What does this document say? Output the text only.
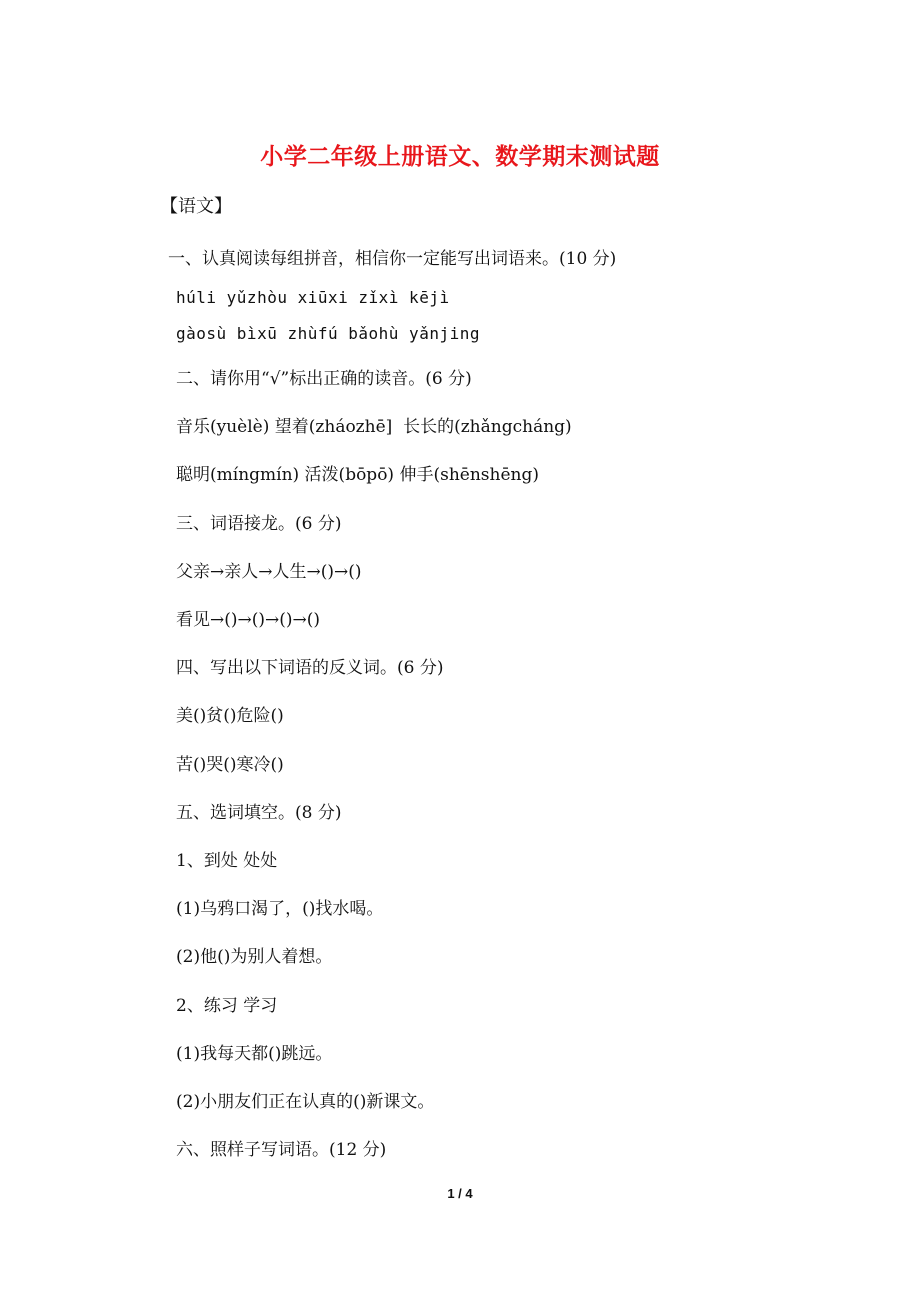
小学二年级上册语文、数学期末测试题
【语文】
一、认真阅读每组拼音，相信你一定能写出词语来。(10 分)
húli yǔzhòu xiūxi zǐxì kējì
gàosù bìxū zhùfú bǎohù yǎnjing
二、请你用“√”标出正确的读音。(6 分)
音乐(yuèlè) 望着(zháozhē]  长长的(zhǎngcháng)
聪明(míngmín) 活泼(bōpō) 伸手(shēnshēng)
三、词语接龙。(6 分)
父亲→亲人→人生→()→()
看见→()→()→()→()
四、写出以下词语的反义词。(6 分)
美()贫()危险()
苦()哭()寒冷()
五、选词填空。(8 分)
1、到处 处处
(1)乌鸦口渴了，()找水喝。
(2)他()为别人着想。
2、练习 学习
(1)我每天都()跳远。
(2)小朋友们正在认真的()新课文。
六、照样子写词语。(12 分)
1 / 4
